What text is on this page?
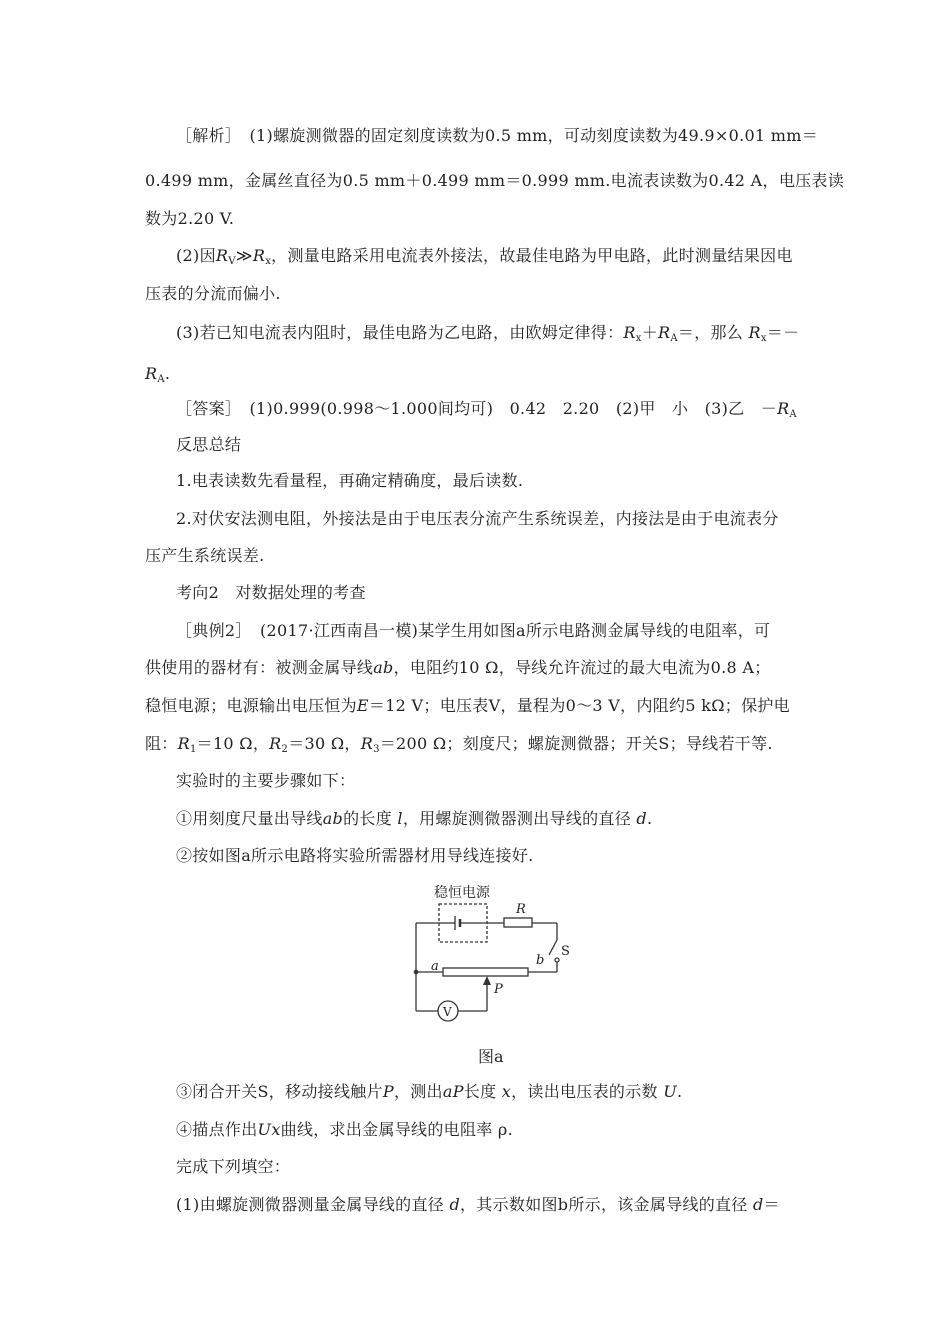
［解析］　 (1)螺旋测微器的固定刻度读数为0.5 mm，可动刻度读数为49.9×0.01 mm＝
0.499 mm，金属丝直径为0.5 mm＋0.499 mm＝0.999 mm.电流表读数为0.42 A，电压表读
数为2.20 V.
(2)因$R_V≫R_x$，测量电路采用电流表外接法，故最佳电路为甲电路，此时测量结果因电
压表的分流而偏小.
(3)若已知电流表内阻时，最佳电路为乙电路，由欧姆定律得：$R_x+R_A=$，那么 $R_x=-$
$R_A$.
［答案］　 (1)0.999(0.998～1.000间均可)　0.42　2.20　(2)甲　小　(3)乙　$-R_A$
反思总结
1.电表读数先看量程，再确定精确度，最后读数.
2.对伏安法测电阻，外接法是由于电压表分流产生系统误差，内接法是由于电流表分
压产生系统误差.
考向2　对数据处理的考查
［典例2］　 (2017·江西南昌一模)某学生用如图a所示电路测金属导线的电阻率，可
供使用的器材有：被测金属导线ab，电阻约10 Ω，导线允许流过的最大电流为0.8 A；
稳恒电源；电源输出电压恒为E＝12 V；电压表V，量程为0～3 V，内阻约5 kΩ；保护电
阻：$R_1=10$ Ω，$R_2=30$ Ω，$R_3=200$ Ω；刻度尺；螺旋测微器；开关S；导线若干等.
实验时的主要步骤如下：
①用刻度尺量出导线ab的长度 l，用螺旋测微器测出导线的直径 d.
②按如图a所示电路将实验所需器材用导线连接好.
稳恒电源
R
S
a	b
P
V
图a
③闭合开关S，移动接线触片P，测出aP长度 x，读出电压表的示数 U.
④描点作出Ux曲线，求出金属导线的电阻率 ρ.
完成下列填空：
(1)由螺旋测微器测量金属导线的直径 d，其示数如图b所示，该金属导线的直径 d＝
